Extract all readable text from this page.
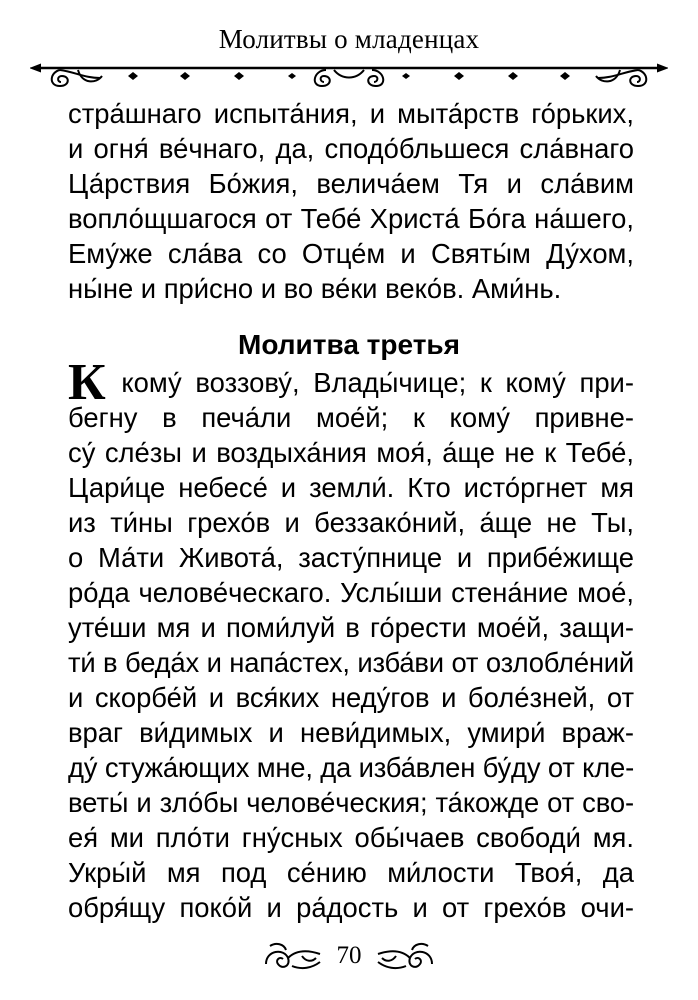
Молитвы о младенцах
стра́шнаго испыта́ния, и мыта́рств го́рьких,
и огня́ ве́чнаго, да, сподо́бльшеся сла́внаго
Ца́рствия Бо́жия, велича́ем Тя и сла́вим
вопло́щшагося от Тебе́ Христа́ Бо́га на́шего,
Ему́же сла́ва со Отце́м и Святы́м Ду́хом,
ны́не и при́сно и во ве́ки веко́в. Ами́нь.
Молитва третья
К кому́ воззову́, Влады́чице; к кому́ при-
бегну в печа́ли мое́й; к кому́ привне-
су́ сле́зы и воздыха́ния моя́, а́ще не к Тебе́,
Цари́це небесе́ и земли́. Кто исто́ргнет мя
из ти́ны грехо́в и беззако́ний, а́ще не Ты,
о Ма́ти Живота́, засту́пнице и прибе́жище
ро́да челове́ческаго. Услы́ши стена́ние мое́,
уте́ши мя и поми́луй в го́рести мое́й, защи-
ти́ в беда́х и напа́стех, изба́ви от озлобле́ний
и скорбе́й и вся́ких неду́гов и боле́зней, от
враг ви́димых и неви́димых, умири́ враж-
ду́ стужа́ющих мне, да изба́влен бу́ду от кле-
веты́ и зло́бы челове́ческия; та́кожде от сво-
ея́ ми пло́ти гну́сных обы́чаев свободи́ мя.
Укры́й мя под се́нию ми́лости Твоя́, да
обря́щу поко́й и ра́дость и от грехо́в очи-
70
